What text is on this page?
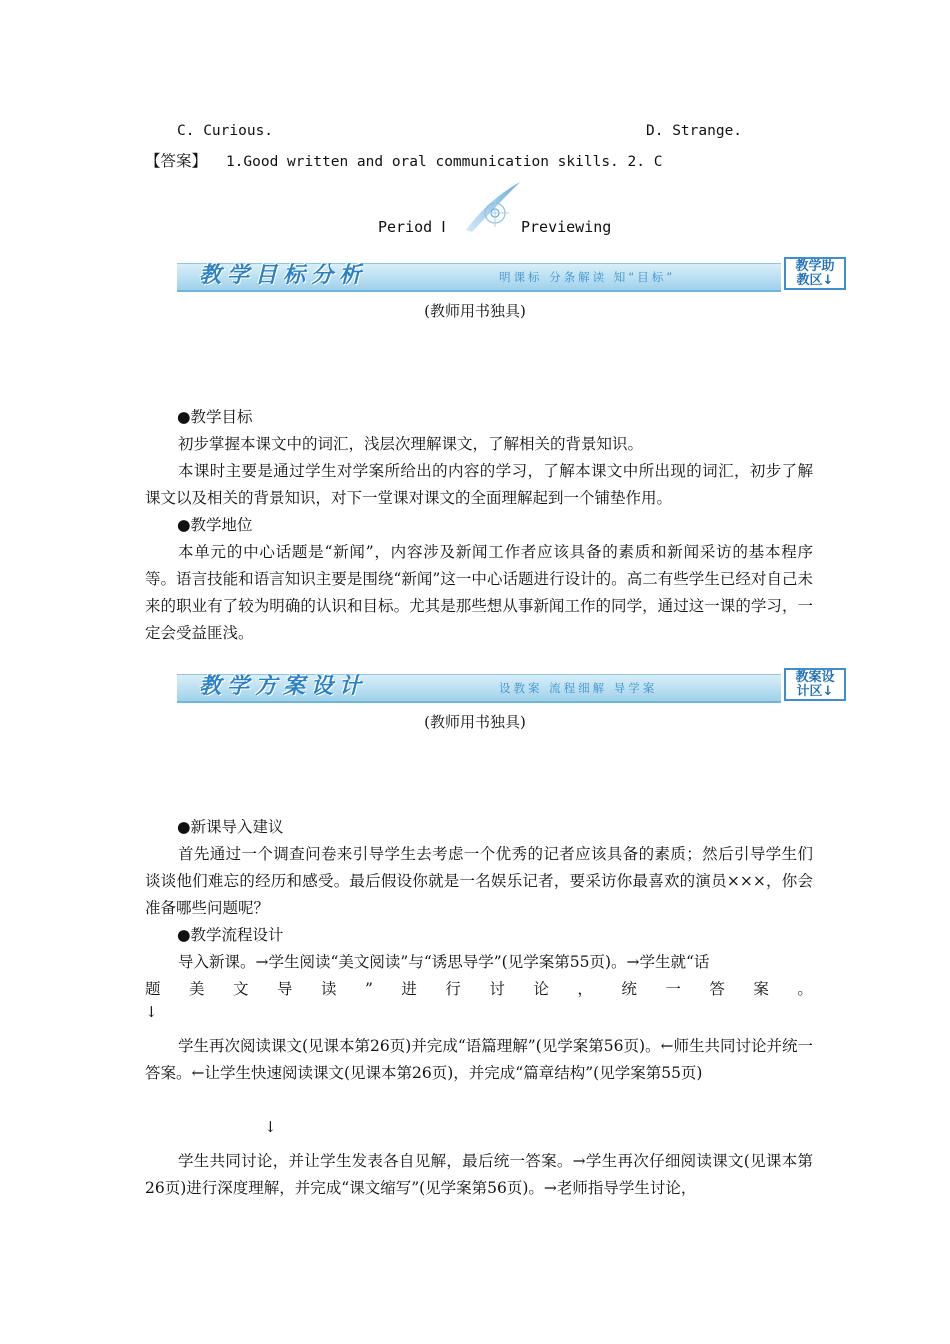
C. Curious.	D. Strange.
【答案】 1.Good written and oral communication skills. 2. C
Period Ⅰ	Previewing
教学目标分析	明课标 分条解读 知“目标”
教学助
教区↓
(教师用书独具)
●教学目标
初步掌握本课文中的词汇，浅层次理解课文，了解相关的背景知识。
本课时主要是通过学生对学案所给出的内容的学习，了解本课文中所出现的词汇，初步了解课文以及相关的背景知识，对下一堂课对课文的全面理解起到一个铺垫作用。
●教学地位
本单元的中心话题是“新闻”，内容涉及新闻工作者应该具备的素质和新闻采访的基本程序等。语言技能和语言知识主要是围绕“新闻”这一中心话题进行设计的。高二有些学生已经对自己未来的职业有了较为明确的认识和目标。尤其是那些想从事新闻工作的同学，通过这一课的学习，一定会受益匪浅。
教学方案设计	设教案 流程细解 导学案
教案设
计区↓
(教师用书独具)
●新课导入建议
首先通过一个调查问卷来引导学生去考虑一个优秀的记者应该具备的素质；然后引导学生们谈谈他们难忘的经历和感受。最后假设你就是一名娱乐记者，要采访你最喜欢的演员×××，你会准备哪些问题呢？
●教学流程设计
导入新课。→学生阅读“美文阅读”与“诱思导学”(见学案第55页)。→学生就“话
题 美 文 导 读 ” 进 行 讨 论 ， 统 一 答 案 。
↓
学生再次阅读课文(见课本第26页)并完成“语篇理解”(见学案第56页)。←师生共同讨论并统一答案。←让学生快速阅读课文(见课本第26页)，并完成“篇章结构”(见学案第55页)
↓
学生共同讨论，并让学生发表各自见解，最后统一答案。→学生再次仔细阅读课文(见课本第26页)进行深度理解，并完成“课文缩写”(见学案第56页)。→老师指导学生讨论，
